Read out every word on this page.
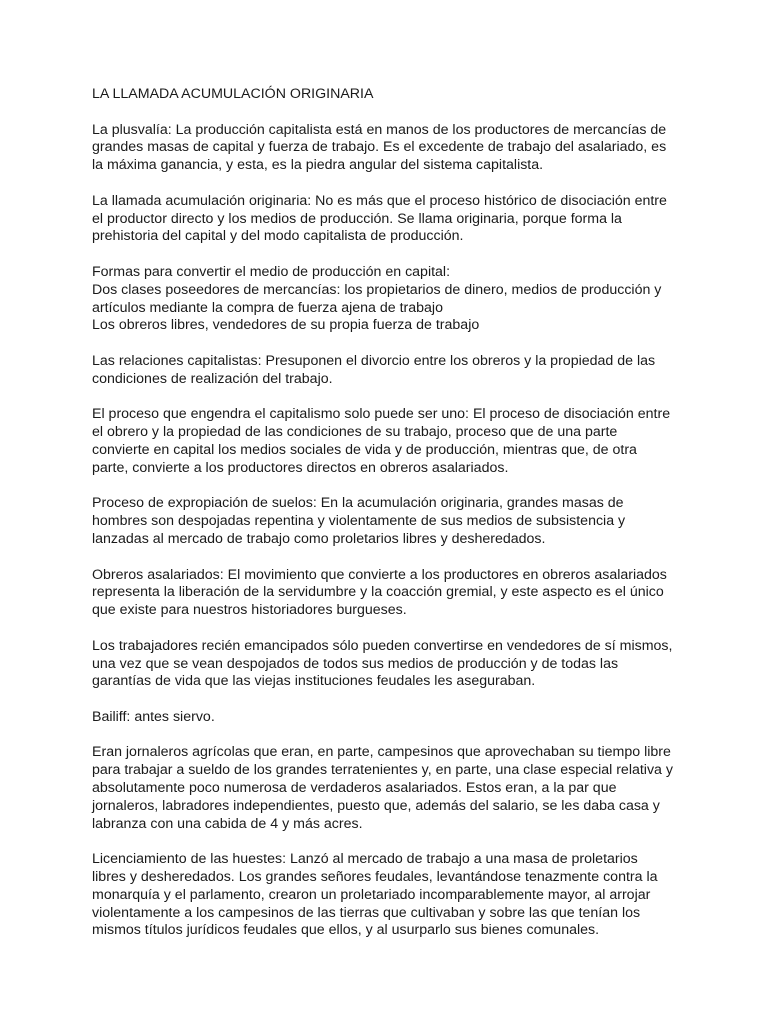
LA LLAMADA ACUMULACIÓN ORIGINARIA

La plusvalía: La producción capitalista está en manos de los productores de mercancías de
grandes masas de capital y fuerza de trabajo. Es el excedente de trabajo del asalariado, es
la máxima ganancia, y esta, es la piedra angular del sistema capitalista.

La llamada acumulación originaria: No es más que el proceso histórico de disociación entre
el productor directo y los medios de producción. Se llama originaria, porque forma la
prehistoria del capital y del modo capitalista de producción.

Formas para convertir el medio de producción en capital:
Dos clases poseedores de mercancías: los propietarios de dinero, medios de producción y
artículos mediante la compra de fuerza ajena de trabajo
Los obreros libres, vendedores de su propia fuerza de trabajo

Las relaciones capitalistas: Presuponen el divorcio entre los obreros y la propiedad de las
condiciones de realización del trabajo.

El proceso que engendra el capitalismo solo puede ser uno: El proceso de disociación entre
el obrero y la propiedad de las condiciones de su trabajo, proceso que de una parte
convierte en capital los medios sociales de vida y de producción, mientras que, de otra
parte, convierte a los productores directos en obreros asalariados.

Proceso de expropiación de suelos: En la acumulación originaria, grandes masas de
hombres son despojadas repentina y violentamente de sus medios de subsistencia y
lanzadas al mercado de trabajo como proletarios libres y desheredados.

Obreros asalariados: El movimiento que convierte a los productores en obreros asalariados
representa la liberación de la servidumbre y la coacción gremial, y este aspecto es el único
que existe para nuestros historiadores burgueses.

Los trabajadores recién emancipados sólo pueden convertirse en vendedores de sí mismos,
una vez que se vean despojados de todos sus medios de producción y de todas las
garantías de vida que las viejas instituciones feudales les aseguraban.

Bailiff: antes siervo.

Eran jornaleros agrícolas que eran, en parte, campesinos que aprovechaban su tiempo libre
para trabajar a sueldo de los grandes terratenientes y, en parte, una clase especial relativa y
absolutamente poco numerosa de verdaderos asalariados. Estos eran, a la par que
jornaleros, labradores independientes, puesto que, además del salario, se les daba casa y
labranza con una cabida de 4 y más acres.

Licenciamiento de las huestes: Lanzó al mercado de trabajo a una masa de proletarios
libres y desheredados. Los grandes señores feudales, levantándose tenazmente contra la
monarquía y el parlamento, crearon un proletariado incomparablemente mayor, al arrojar
violentamente a los campesinos de las tierras que cultivaban y sobre las que tenían los
mismos títulos jurídicos feudales que ellos, y al usurparlo sus bienes comunales.
